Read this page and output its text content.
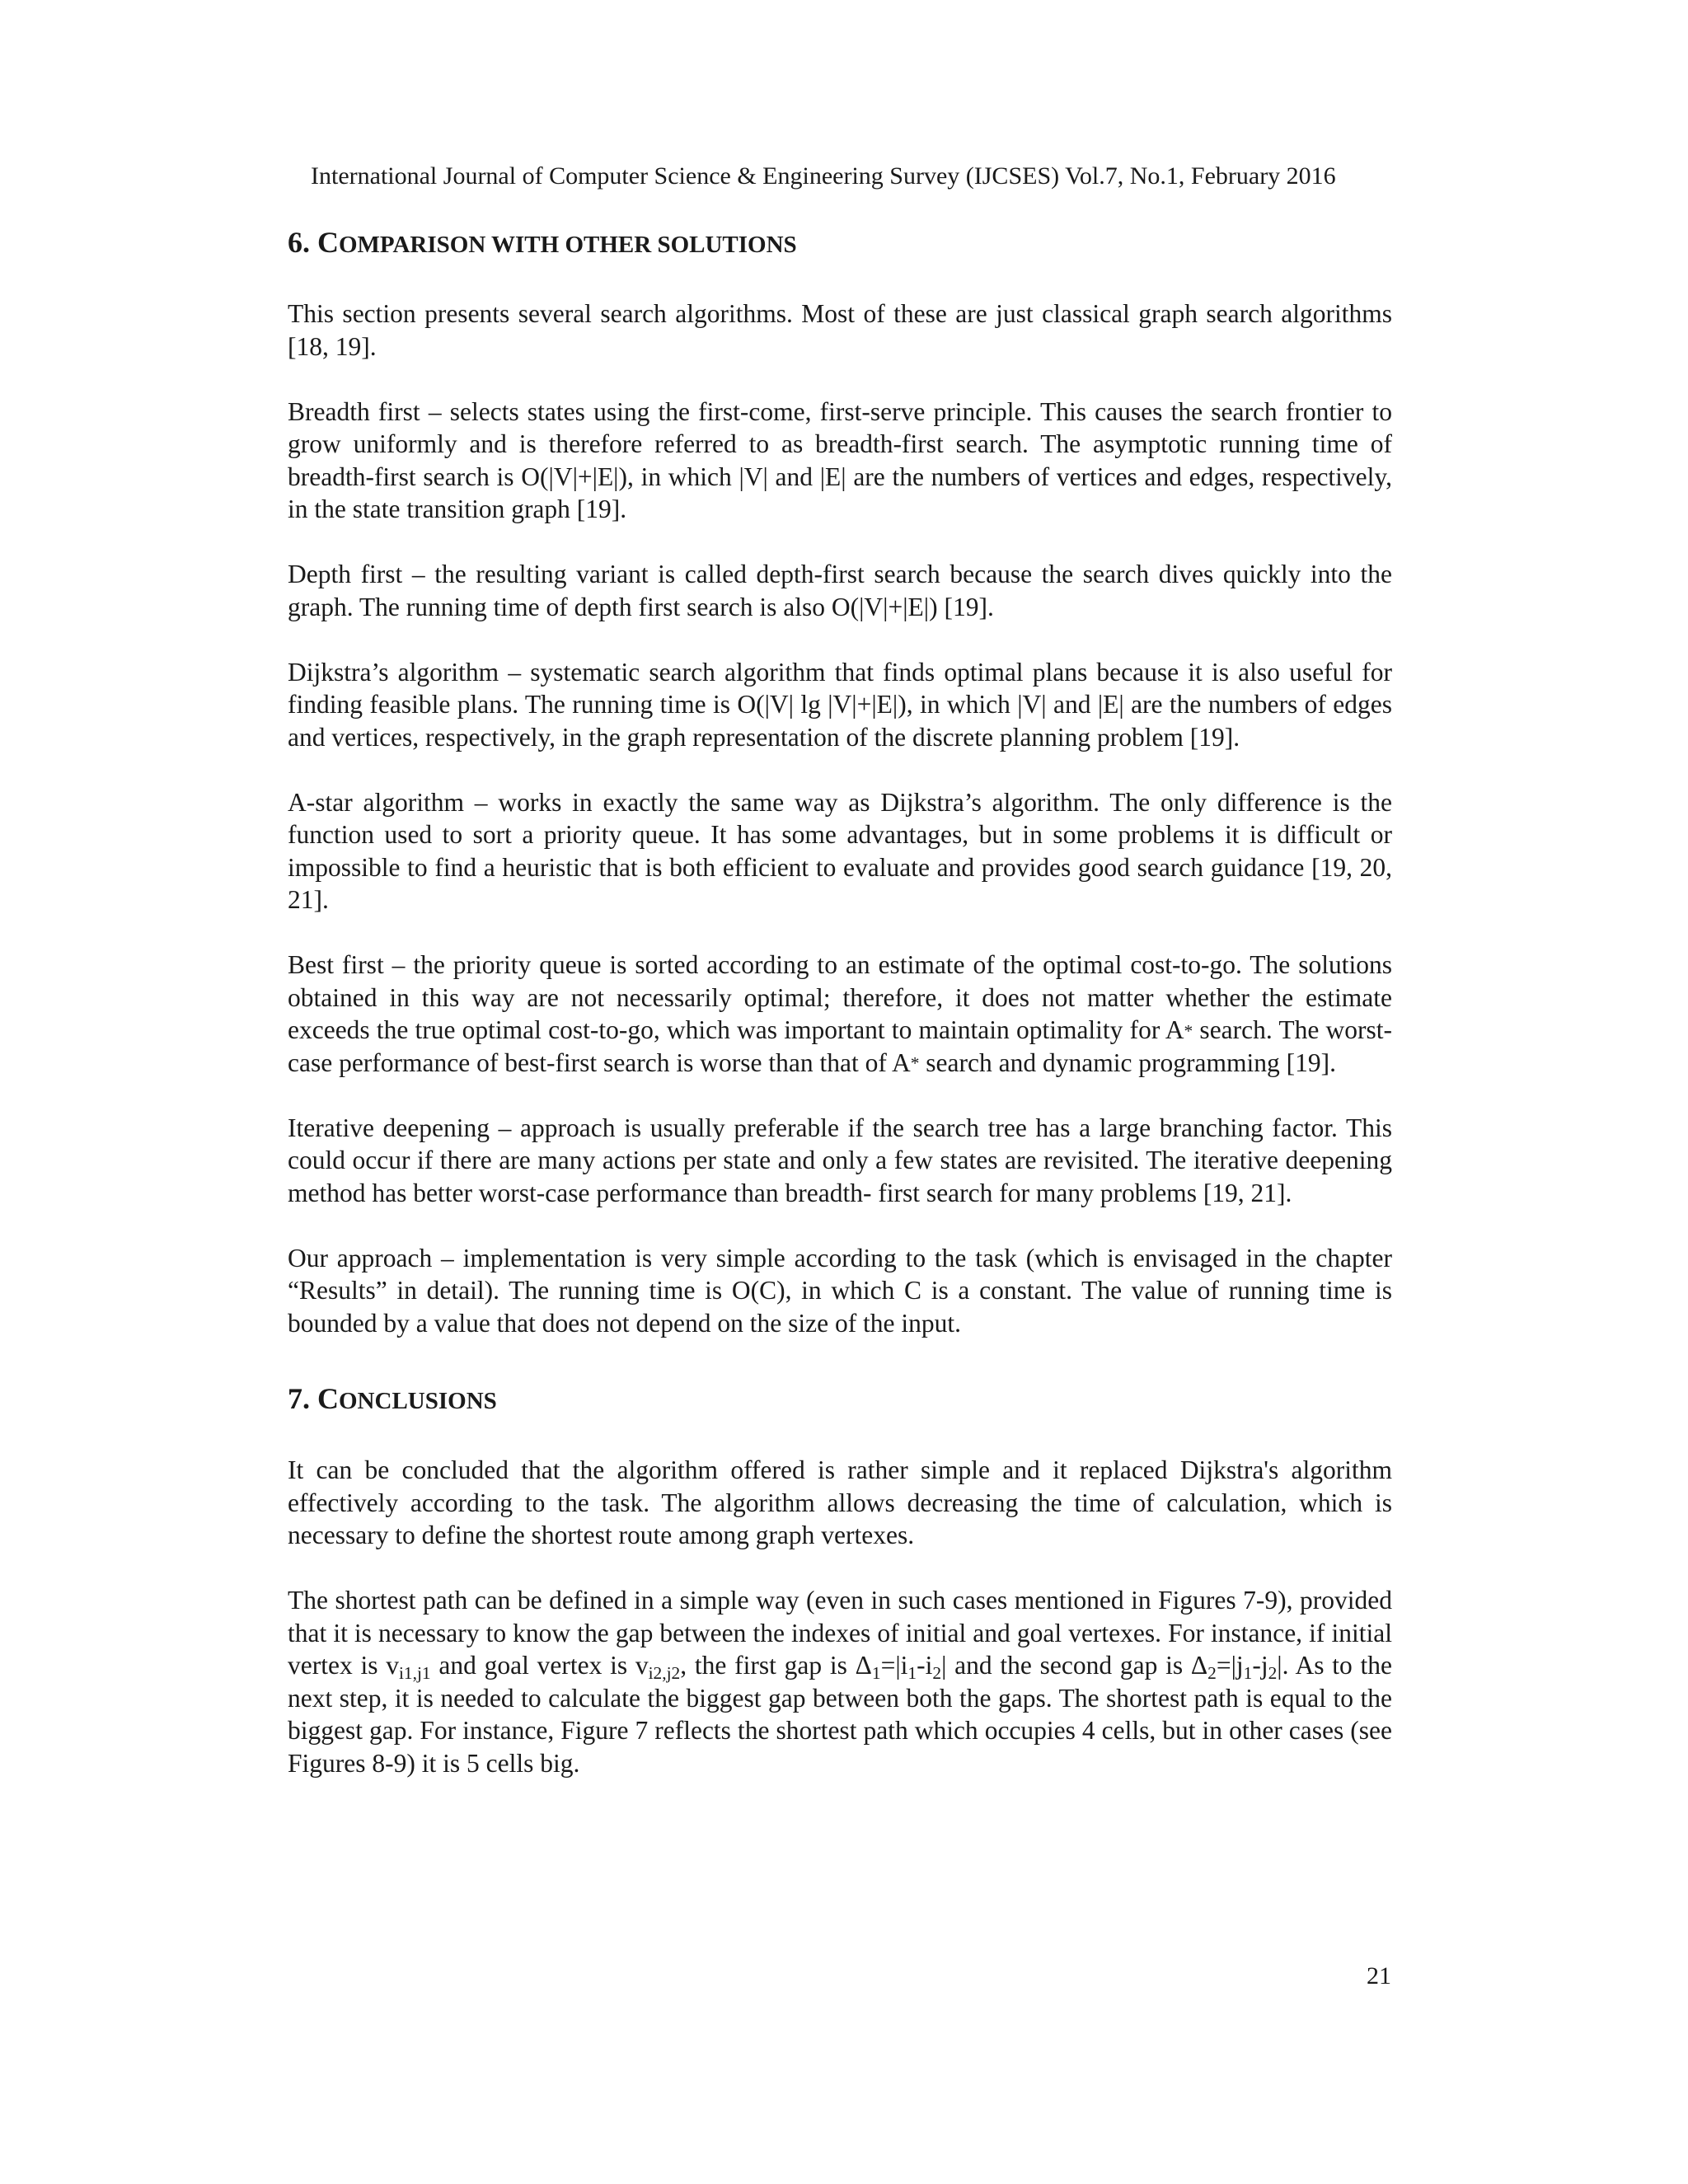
International Journal of Computer Science & Engineering Survey (IJCSES) Vol.7, No.1, February 2016
6. COMPARISON WITH OTHER SOLUTIONS

This section presents several search algorithms. Most of these are just classical graph search algorithms [18, 19].

Breadth first – selects states using the first-come, first-serve principle. This causes the search frontier to grow uniformly and is therefore referred to as breadth-first search. The asymptotic running time of breadth-first search is O(|V|+|E|), in which |V| and |E| are the numbers of vertices and edges, respectively, in the state transition graph [19].

Depth first – the resulting variant is called depth-first search because the search dives quickly into the graph. The running time of depth first search is also O(|V|+|E|) [19].

Dijkstra’s algorithm – systematic search algorithm that finds optimal plans because it is also useful for finding feasible plans. The running time is O(|V| lg |V|+|E|), in which |V| and |E| are the numbers of edges and vertices, respectively, in the graph representation of the discrete planning problem [19].

A-star algorithm – works in exactly the same way as Dijkstra’s algorithm. The only difference is the function used to sort a priority queue. It has some advantages, but in some problems it is difficult or impossible to find a heuristic that is both efficient to evaluate and provides good search guidance [19, 20, 21].

Best first – the priority queue is sorted according to an estimate of the optimal cost-to-go. The solutions obtained in this way are not necessarily optimal; therefore, it does not matter whether the estimate exceeds the true optimal cost-to-go, which was important to maintain optimality for A* search. The worst-case performance of best-first search is worse than that of A* search and dynamic programming [19].

Iterative deepening – approach is usually preferable if the search tree has a large branching factor. This could occur if there are many actions per state and only a few states are revisited. The iterative deepening method has better worst-case performance than breadth- first search for many problems [19, 21].

Our approach – implementation is very simple according to the task (which is envisaged in the chapter “Results” in detail). The running time is O(C), in which C is a constant. The value of running time is bounded by a value that does not depend on the size of the input.

7. CONCLUSIONS

It can be concluded that the algorithm offered is rather simple and it replaced Dijkstra's algorithm effectively according to the task. The algorithm allows decreasing the time of calculation, which is necessary to define the shortest route among graph vertexes.

The shortest path can be defined in a simple way (even in such cases mentioned in Figures 7-9), provided that it is necessary to know the gap between the indexes of initial and goal vertexes. For instance, if initial vertex is vi1,j1 and goal vertex is vi2,j2, the first gap is Δ1=|i1-i2| and the second gap is Δ2=|j1-j2|. As to the next step, it is needed to calculate the biggest gap between both the gaps. The shortest path is equal to the biggest gap. For instance, Figure 7 reflects the shortest path which occupies 4 cells, but in other cases (see Figures 8-9) it is 5 cells big.

21
